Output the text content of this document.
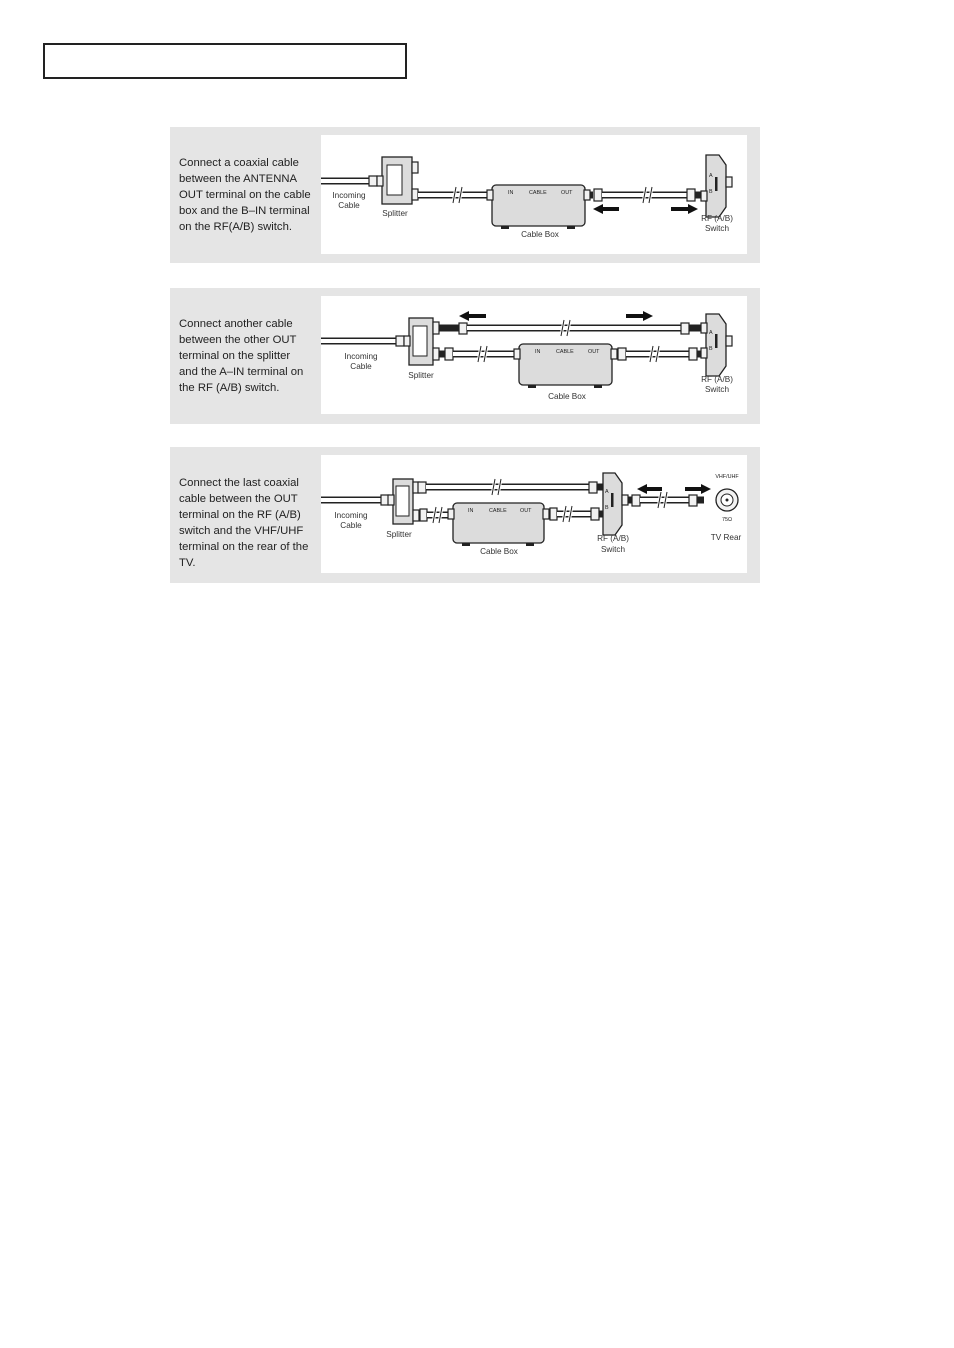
Connect a coaxial cable
between the ANTENNA
OUT terminal on the cable
box and the B–IN terminal
on the RF(A/B) switch.
IN	CABLE	OUT
A
B
Incoming
Cable
Splitter
Cable Box
RF (A/B)
Switch
Connect another cable
between the other OUT
terminal on the splitter
and the A–IN terminal on
the RF (A/B) switch.
IN	CABLE	OUT
A
B
Incoming
Cable
Splitter
Cable Box
RF (A/B)
Switch
Connect the last coaxial
cable between the OUT
terminal on the RF (A/B)
switch and the VHF/UHF
terminal on the rear of the
TV.
IN	CABLE OUT
A
B
VHF/UHF
75Ω
Incoming
Cable
Splitter
Cable Box
RF (A/B)
Switch
TV Rear
